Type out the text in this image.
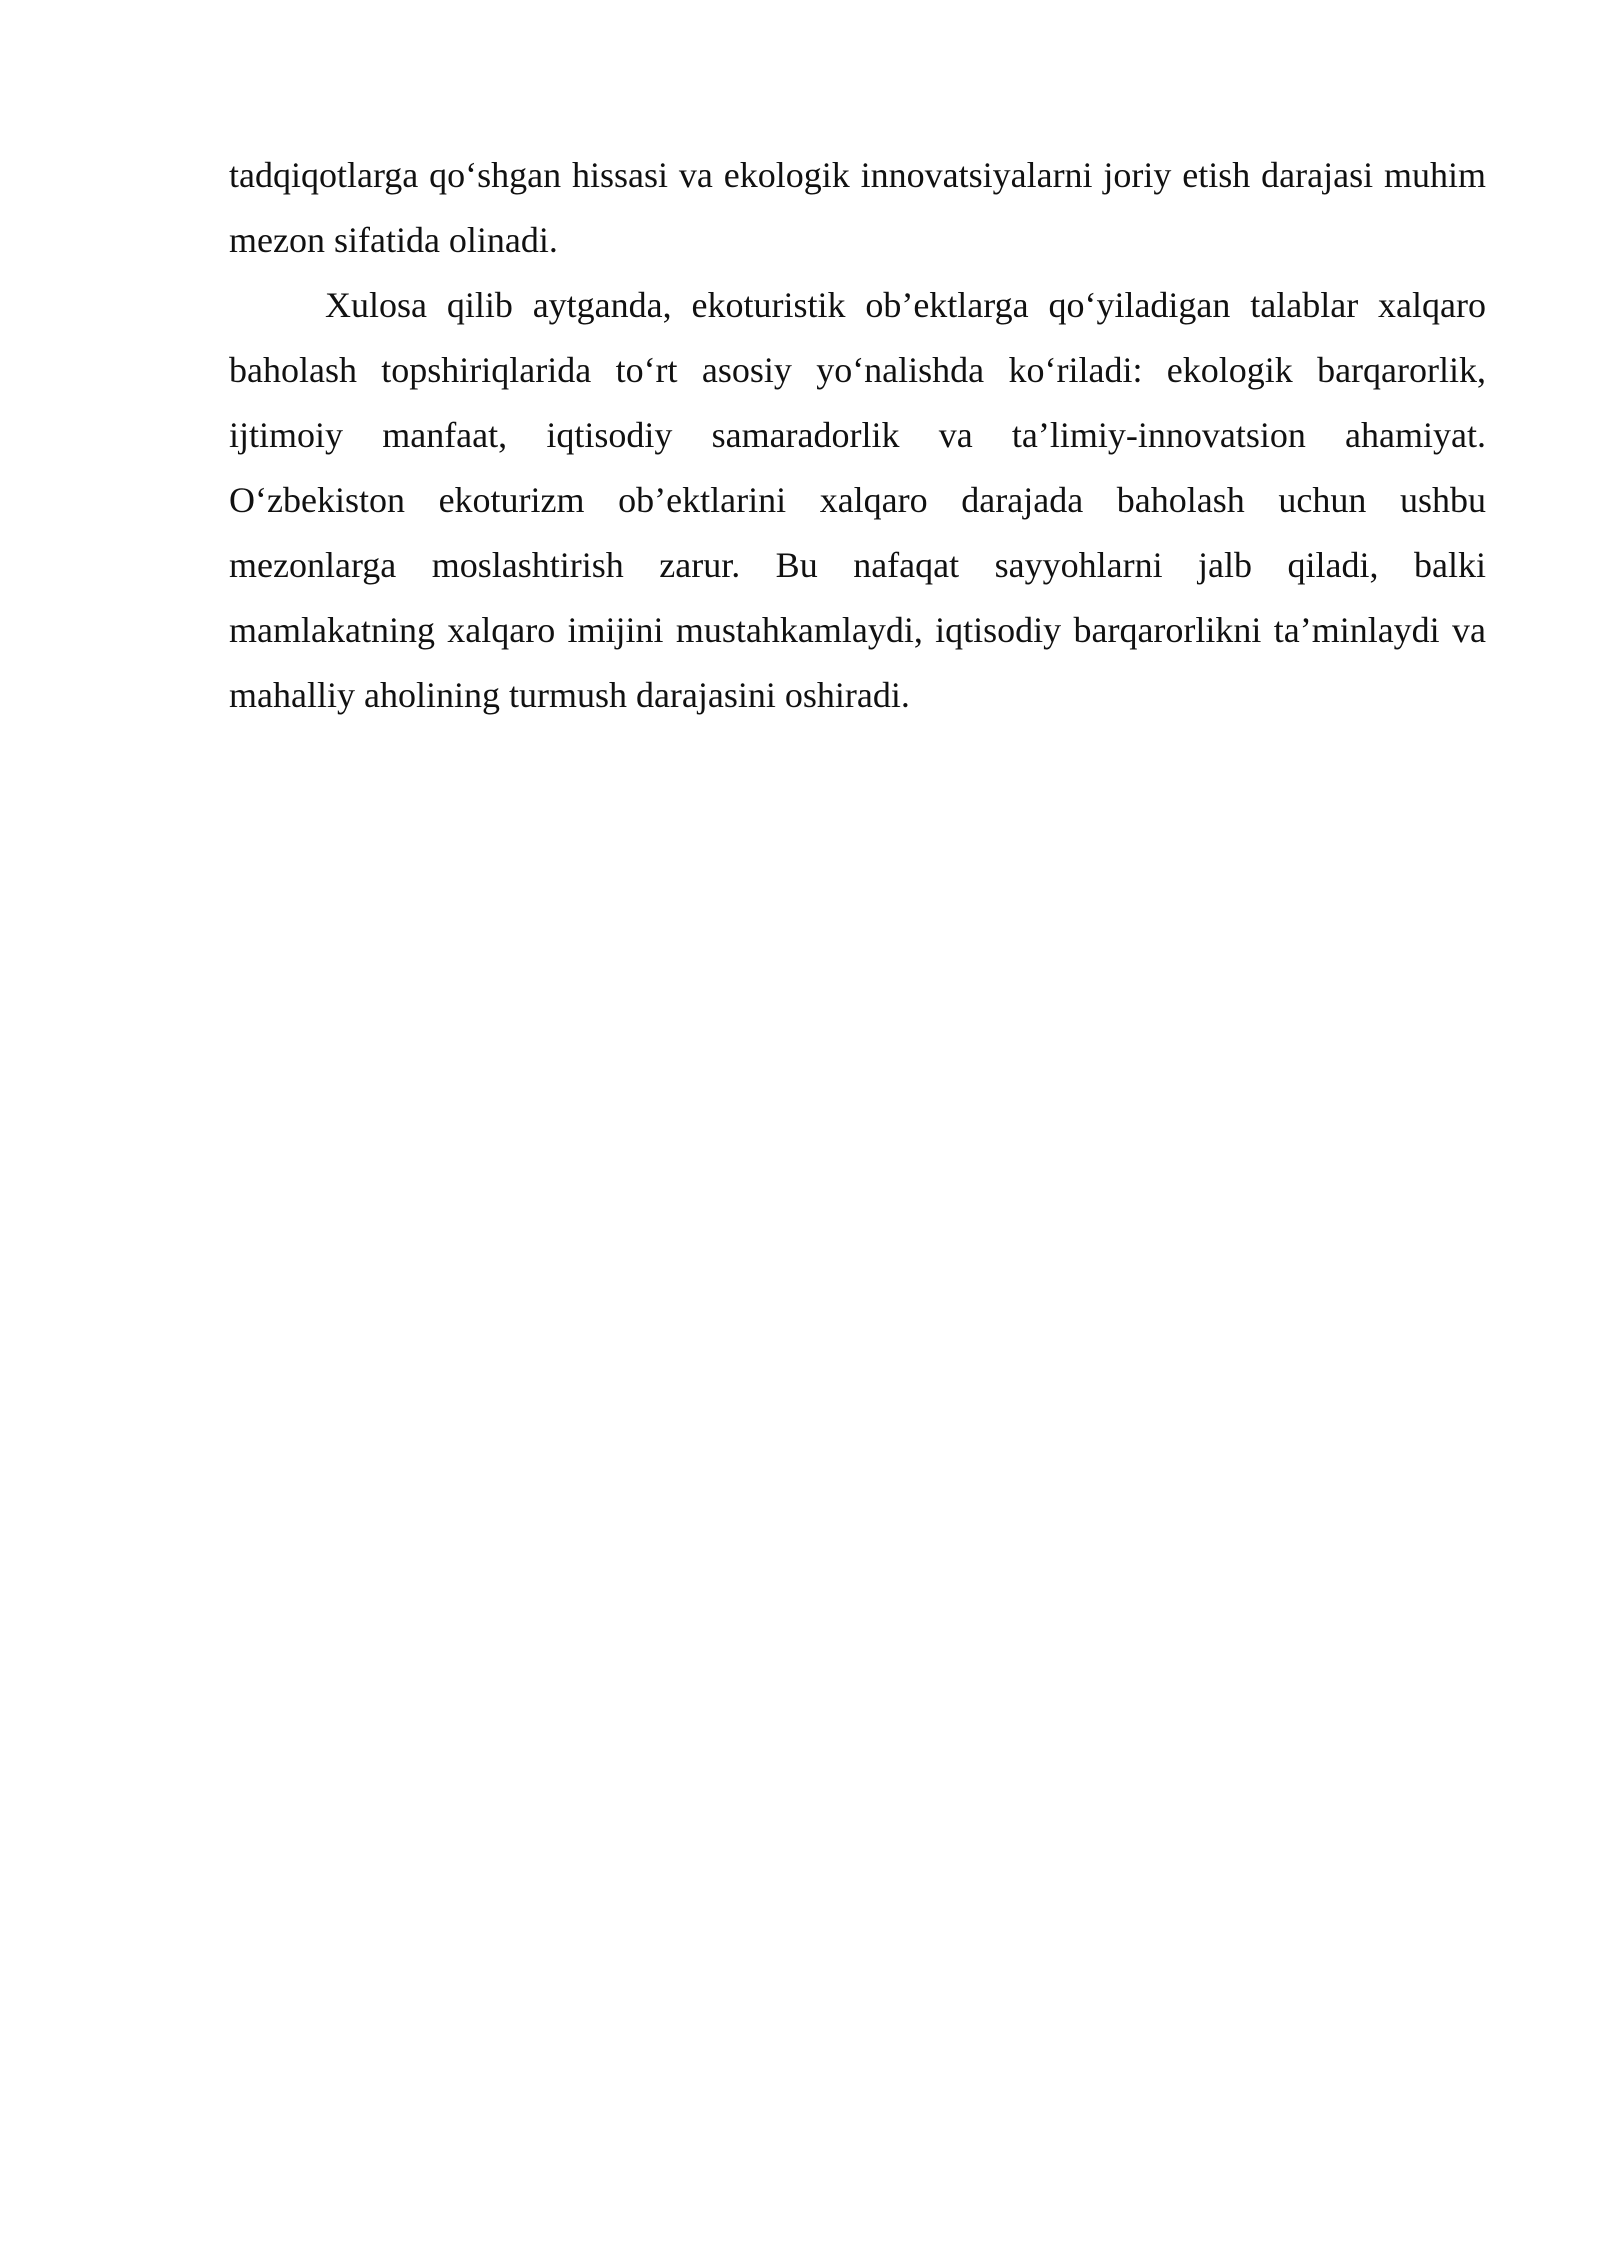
tadqiqotlarga qo‘shgan hissasi va ekologik innovatsiyalarni joriy etish darajasi muhim mezon sifatida olinadi.

Xulosa qilib aytganda, ekoturistik ob’ektlarga qo‘yiladigan talablar xalqaro baholash topshiriqlarida to‘rt asosiy yo‘nalishda ko‘riladi: ekologik barqarorlik, ijtimoiy manfaat, iqtisodiy samaradorlik va ta’limiy-innovatsion ahamiyat. O‘zbekiston ekoturizm ob’ektlarini xalqaro darajada baholash uchun ushbu mezonlarga moslashtirish zarur. Bu nafaqat sayyohlarni jalb qiladi, balki mamlakatning xalqaro imijini mustahkamlaydi, iqtisodiy barqarorlikni ta’minlaydi va mahalliy aholining turmush darajasini oshiradi.
